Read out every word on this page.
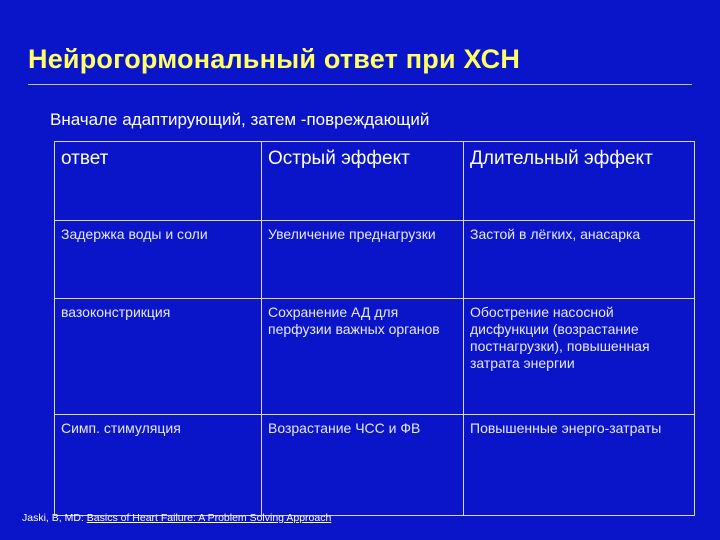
Нейрогормональный ответ при ХСН
Вначале адаптирующий, затем -повреждающий
ответ	Острый эффект	Длительный эффект
Задержка воды и соли	Увеличение преднагрузки	Застой в лёгких, анасарка
вазоконстрикция	Сохранение АД для перфузии важных органов	Обострение насосной дисфункции (возрастание постнагрузки), повышенная затрата энергии
Симп. стимуляция	Возрастание ЧСС и ФВ	Повышенные энерго-затраты
Jaski, B, MD: Basics of Heart Failure: A Problem Solving Approach
